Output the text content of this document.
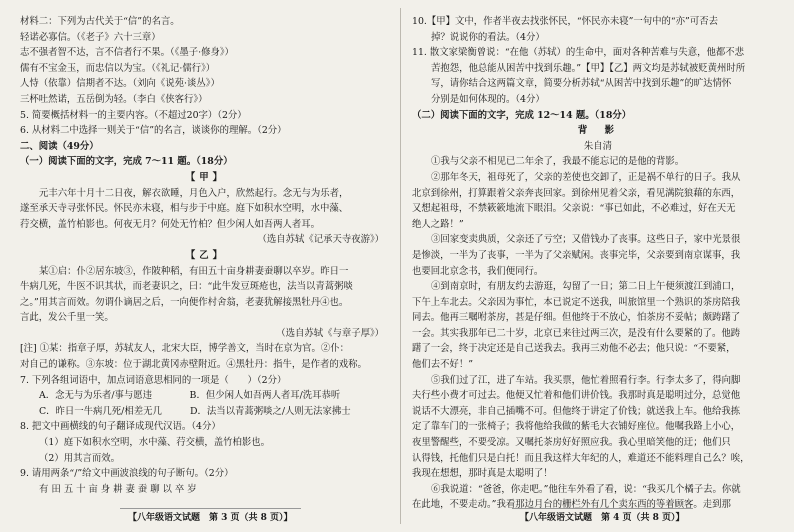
材料二：下列为古代关于“信”的名言。
轻诺必寡信。（《老子》六十三章）
志不强者智不达，言不信者行不果。（《墨子·修身》）
儒有不宝金玉，而忠信以为宝。（《礼记·儒行》）
人恃（依靠）信期者不达。（刘向《说苑·谈丛》）
三杯吐然诺，五岳倒为轻。（李白《侠客行》）
5. 简要概括材料一的主要内容。（不超过20字）（2分）
6. 从材料二中选择一则关于“信”的名言，谈谈你的理解。（2分）
二、阅读（49分）
（一）阅读下面的文字，完成 7～11 题。（18分）
【甲】
元丰六年十月十二日夜，解衣欲睡，月色入户，欣然起行。念无与为乐者，
遂至承天寺寻张怀民。怀民亦未寝，相与步于中庭。庭下如积水空明，水中藻、
荇交横，盖竹柏影也。何夜无月？何处无竹柏？但少闲人如吾两人者耳。
（选自苏轼《记承天寺夜游》）
【乙】
某①启：仆②居东坡③，作陂种稻，有田五十亩身耕妻蚕聊以卒岁。昨日一
牛病几死，牛医不识其状，而老妻识之，曰：“此牛发豆斑疮也，法当以青蒿粥啖
之。”用其言而效。勿谓仆谪居之后，一向便作村舍翁，老妻犹解接黑牡丹④也。
言此，发公千里一笑。
（选自苏轼《与章子厚》）
[注] ①某：指章子厚，苏轼友人，北宋大臣，博学善文，当时在京为官。②仆：
对自己的谦称。③东坡：位于湖北黄冈赤壁附近。④黑牡丹：指牛，是作者的戏称。
7. 下列各组词语中，加点词语意思相同的一项是（　　）（2分）
A．念无与为乐者/事与愿违　　　　B．但少闲人如吾两人者耳/洗耳恭听
C．昨日一牛病几死/相差无几　　　D．法当以青蒿粥啖之/人则无法家拂士
8. 把文中画横线的句子翻译成现代汉语。（4分）
（1）庭下如积水空明，水中藻、荇交横，盖竹柏影也。
（2）用其言而效。
9. 请用两条“/”给文中画波浪线的句子断句。（2分）
有 田 五 十 亩 身 耕 妻 蚕 聊 以 卒 岁
10.【甲】文中，作者半夜去找张怀民，“怀民亦未寝”一句中的“亦”可否去
掉？说说你的看法。（4分）
11. 散文家梁衡曾说：“在他（苏轼）的生命中，面对各种苦难与失意，他都不悲
苦抱怨，他总能从困苦中找到乐趣。”【甲】【乙】两文均是苏轼被贬黄州时所
写，请你结合这两篇文章，简要分析苏轼“从困苦中找到乐趣”的旷达情怀
分别是如何体现的。（4分）
（二）阅读下面的文字，完成 12～14 题。（18分）
背　影
朱自清
①我与父亲不相见已二年余了，我最不能忘记的是他的背影。
②那年冬天，祖母死了，父亲的差使也交卸了，正是祸不单行的日子。我从
北京到徐州，打算跟着父亲奔丧回家。到徐州见着父亲，看见满院狼藉的东西，
又想起祖母，不禁簌簌地流下眼泪。父亲说：“事已如此，不必难过，好在天无
绝人之路！”
③回家变卖典质，父亲还了亏空；又借钱办了丧事。这些日子，家中光景很
是惨淡，一半为了丧事，一半为了父亲赋闲。丧事完毕，父亲要到南京谋事，我
也要回北京念书，我们便同行。
④到南京时，有朋友约去游逛，勾留了一日；第二日上午便须渡江到浦口，
下午上车北去。父亲因为事忙，本已说定不送我，叫旅馆里一个熟识的茶房陪我
同去。他再三嘱咐茶房，甚是仔细。但他终于不放心，怕茶房不妥帖；颇踌躇了
一会。其实我那年已二十岁，北京已来往过两三次，是没有什么要紧的了。他踌
躇了一会，终于决定还是自己送我去。我再三劝他不必去；他只说：“不要紧，
他们去不好！”
⑤我们过了江，进了车站。我买票，他忙着照看行李。行李太多了，得向脚
夫行些小费才可过去。他便又忙着和他们讲价钱。我那时真是聪明过分，总觉他
说话不大漂亮，非自己插嘴不可。但他终于讲定了价钱；就送我上车。他给我拣
定了靠车门的一张椅子；我将他给我做的紫毛大衣铺好座位。他嘱我路上小心，
夜里警醒些，不要受凉。又嘱托茶房好好照应我。我心里暗笑他的迂；他们只
认得钱，托他们只是白托！而且我这样大年纪的人，难道还不能料理自己么？唉，
我现在想想，那时真是太聪明了！
⑥我说道：“爸爸，你走吧。”他往车外看了看，说：“我买几个橘子去。你就
在此地，不要走动。”我看那边月台的栅栏外有几个卖东西的等着顾客。走到那
【八年级语文试题　第 3 页（共 8 页）】	【八年级语文试题　第 4 页（共 8 页）】
